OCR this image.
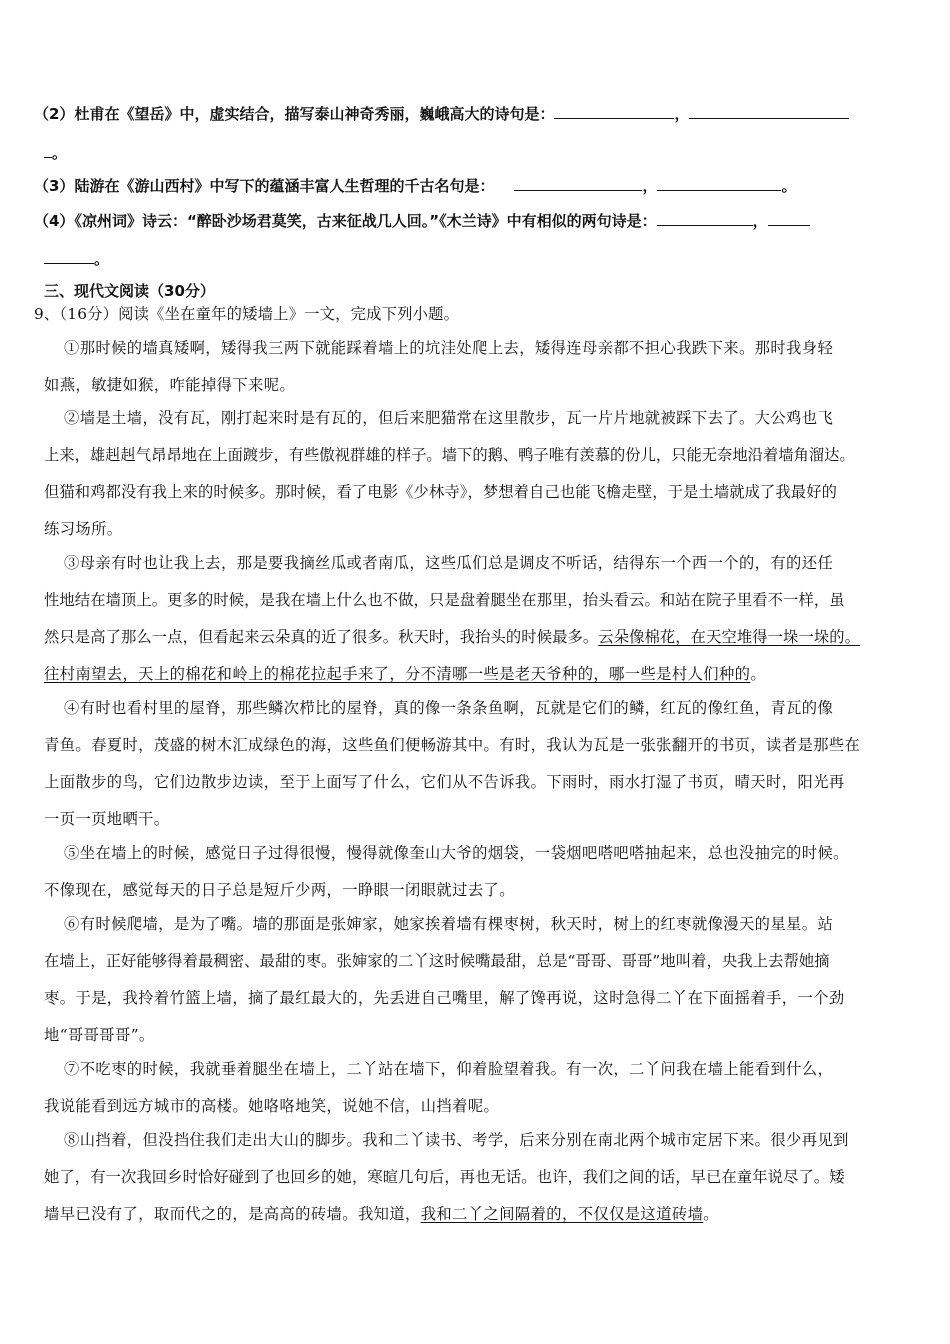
（2）杜甫在《望岳》中，虚实结合，描写泰山神奇秀丽，巍峨高大的诗句是：	，
。
（3）陆游在《游山西村》中写下的蕴涵丰富人生哲理的千古名句是：	，	。
（4）《凉州词》诗云：“醉卧沙场君莫笑，古来征战几人回。”《木兰诗》中有相似的两句诗是：	，
。
三、现代文阅读（30分）
9、（16分）阅读《坐在童年的矮墙上》一文，完成下列小题。
①那时候的墙真矮啊，矮得我三两下就能踩着墙上的坑洼处爬上去，矮得连母亲都不担心我跌下来。那时我身轻
如燕，敏捷如猴，咋能掉得下来呢。
②墙是土墙，没有瓦，刚打起来时是有瓦的，但后来肥猫常在这里散步，瓦一片片地就被踩下去了。大公鸡也飞
上来，雄赳赳气昂昂地在上面踱步，有些傲视群雄的样子。墙下的鹅、鸭子唯有羡慕的份儿，只能无奈地沿着墙角溜达。
但猫和鸡都没有我上来的时候多。那时候，看了电影《少林寺》，梦想着自己也能飞檐走壁，于是土墙就成了我最好的
练习场所。
③母亲有时也让我上去，那是要我摘丝瓜或者南瓜，这些瓜们总是调皮不听话，结得东一个西一个的，有的还任
性地结在墙顶上。更多的时候，是我在墙上什么也不做，只是盘着腿坐在那里，抬头看云。和站在院子里看不一样，虽
然只是高了那么一点，但看起来云朵真的近了很多。秋天时，我抬头的时候最多。云朵像棉花，在天空堆得一垛一垛的。
往村南望去，天上的棉花和岭上的棉花拉起手来了，分不清哪一些是老天爷种的，哪一些是村人们种的。
④有时也看村里的屋脊，那些鳞次栉比的屋脊，真的像一条条鱼啊，瓦就是它们的鳞，红瓦的像红鱼，青瓦的像
青鱼。春夏时，茂盛的树木汇成绿色的海，这些鱼们便畅游其中。有时，我认为瓦是一张张翻开的书页，读者是那些在
上面散步的鸟，它们边散步边读，至于上面写了什么，它们从不告诉我。下雨时，雨水打湿了书页，晴天时，阳光再
一页一页地晒干。
⑤坐在墙上的时候，感觉日子过得很慢，慢得就像奎山大爷的烟袋，一袋烟吧嗒吧嗒抽起来，总也没抽完的时候。
不像现在，感觉每天的日子总是短斤少两，一睁眼一闭眼就过去了。
⑥有时候爬墙，是为了嘴。墙的那面是张婶家，她家挨着墙有棵枣树，秋天时，树上的红枣就像漫天的星星。站
在墙上，正好能够得着最稠密、最甜的枣。张婶家的二丫这时候嘴最甜，总是“哥哥、哥哥”地叫着，央我上去帮她摘
枣。于是，我拎着竹篮上墙，摘了最红最大的，先丢进自己嘴里，解了馋再说，这时急得二丫在下面摇着手，一个劲
地“哥哥哥哥”。
⑦不吃枣的时候，我就垂着腿坐在墙上，二丫站在墙下，仰着脸望着我。有一次，二丫问我在墙上能看到什么，
我说能看到远方城市的高楼。她咯咯地笑，说她不信，山挡着呢。
⑧山挡着，但没挡住我们走出大山的脚步。我和二丫读书、考学，后来分别在南北两个城市定居下来。很少再见到
她了，有一次我回乡时恰好碰到了也回乡的她，寒暄几句后，再也无话。也许，我们之间的话，早已在童年说尽了。矮
墙早已没有了，取而代之的，是高高的砖墙。我知道，我和二丫之间隔着的，不仅仅是这道砖墙。
